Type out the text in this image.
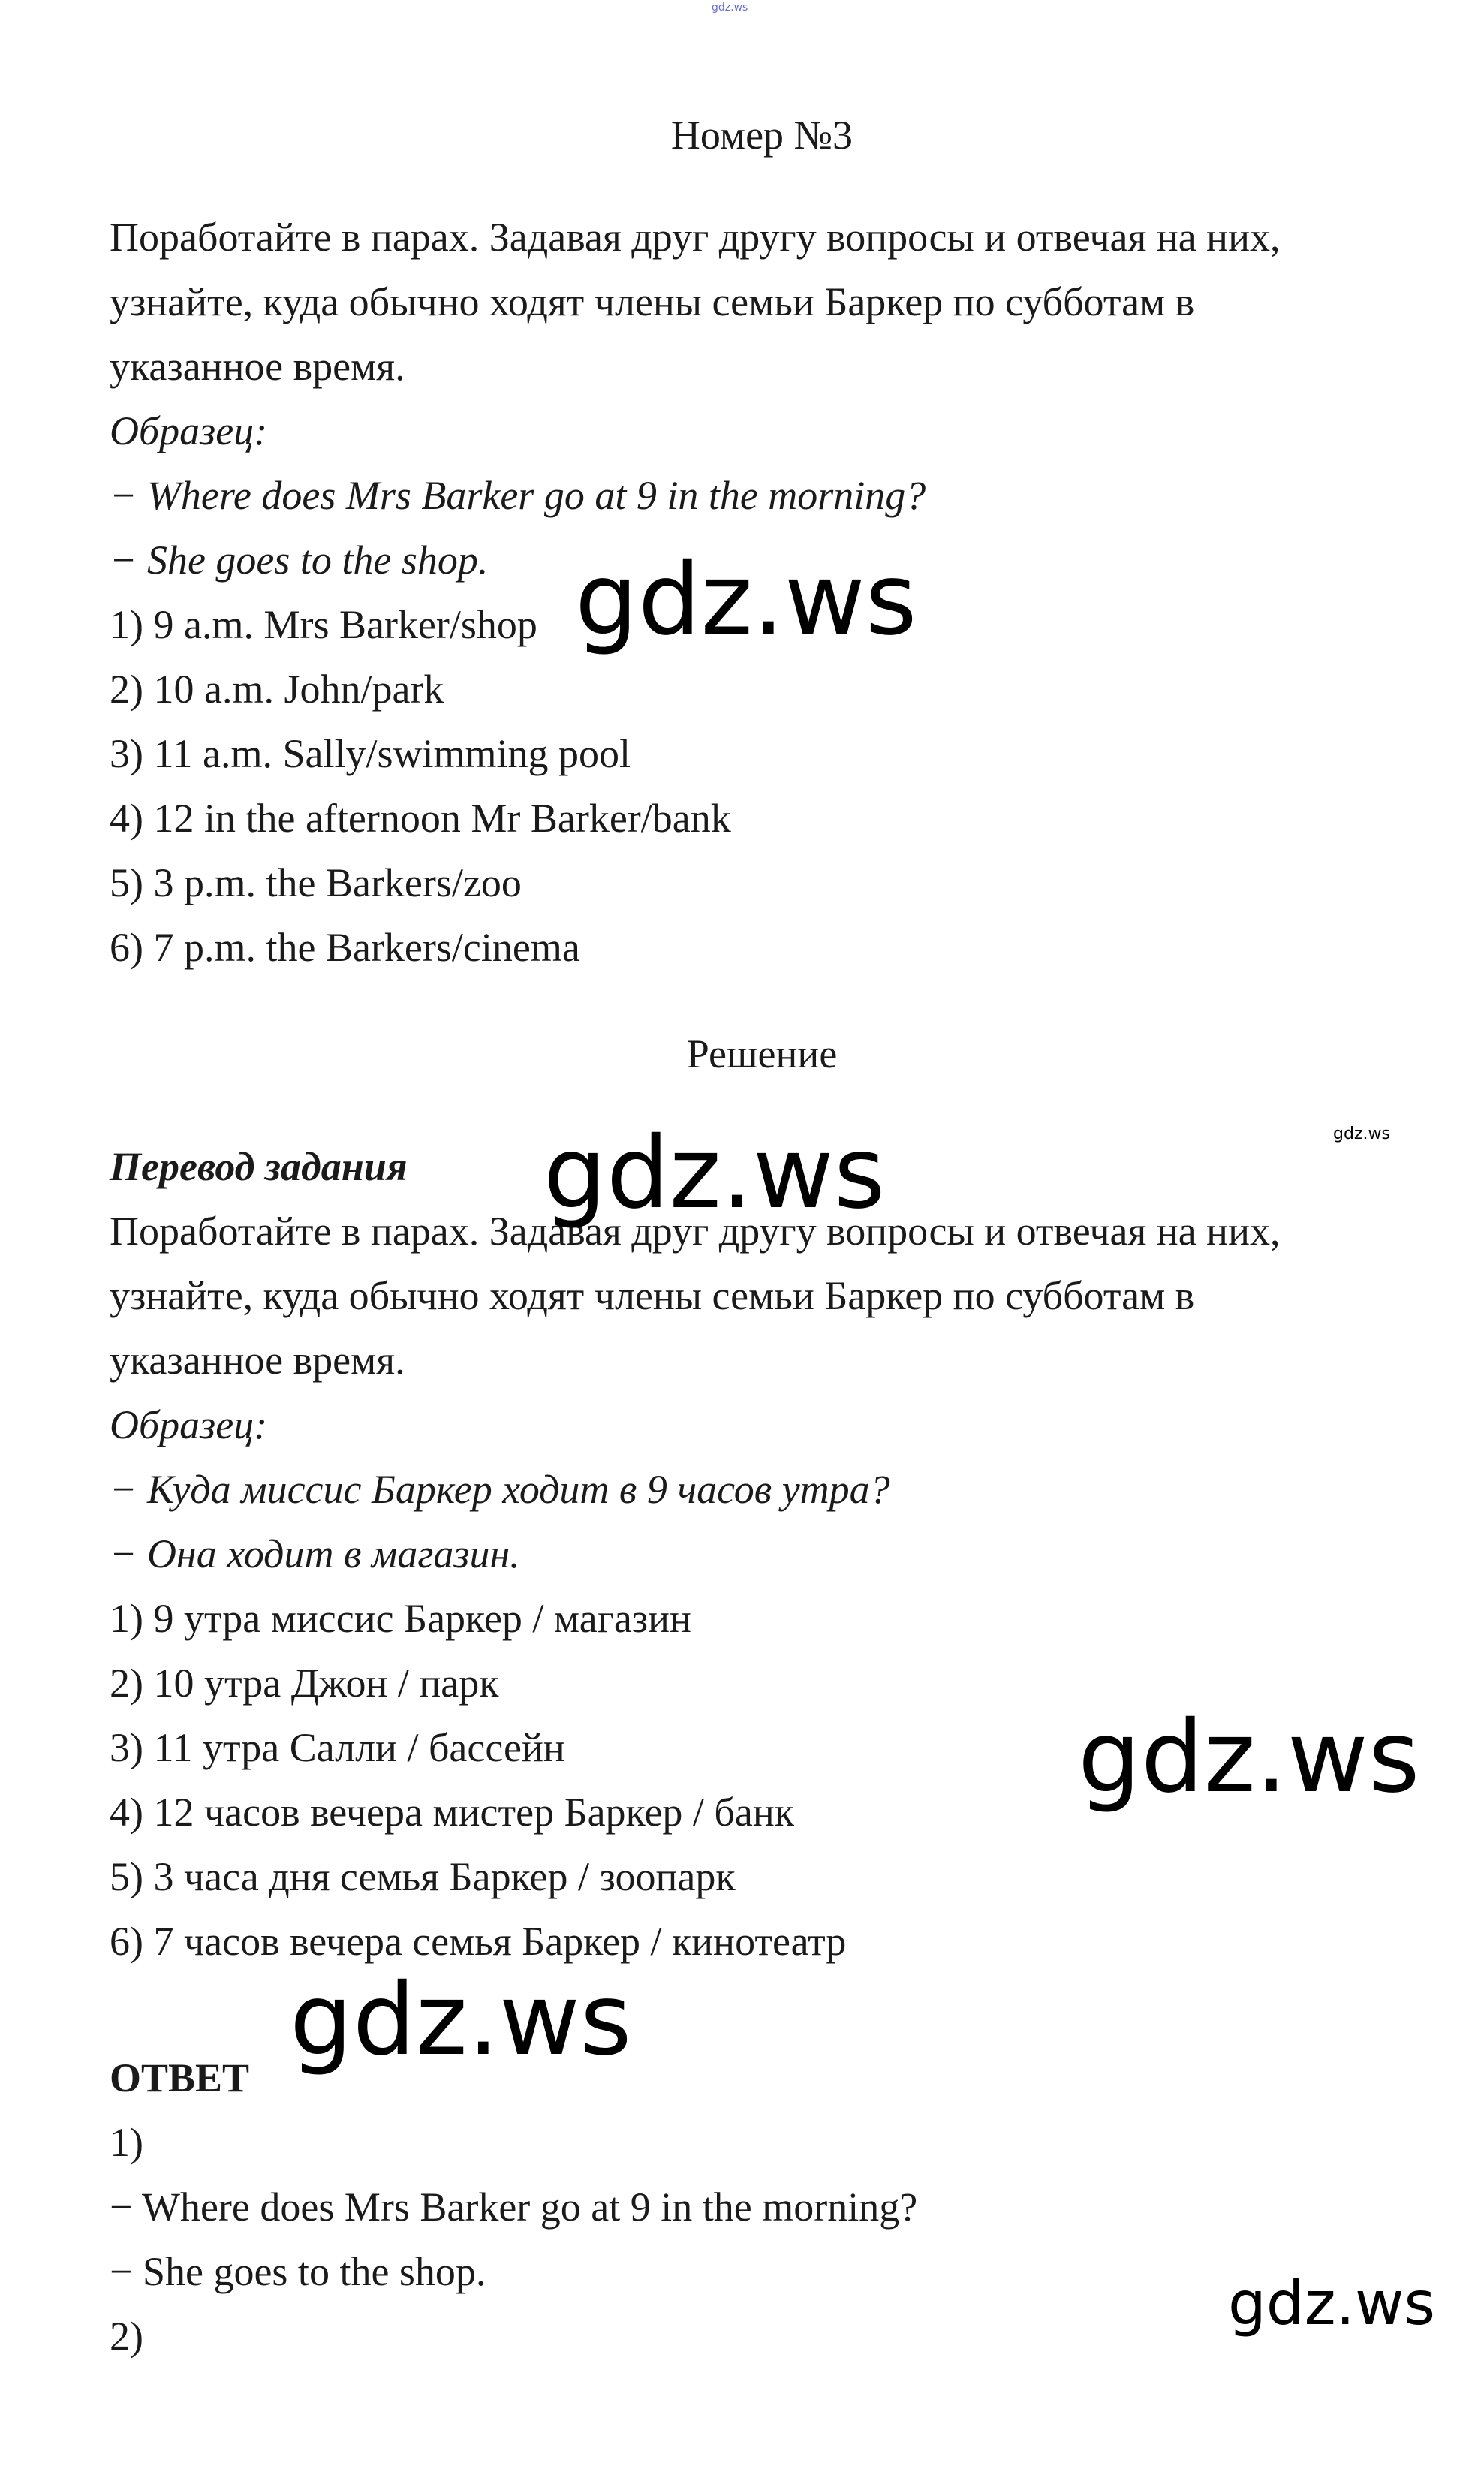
gdz.ws
Номер №3
Поработайте в парах. Задавая друг другу вопросы и отвечая на них,
узнайте, куда обычно ходят члены семьи Баркер по субботам в
указанное время.
Образец:
− Where does Mrs Barker go at 9 in the morning?
− She goes to the shop.
1) 9 a.m. Mrs Barker/shop
2) 10 a.m. John/park
3) 11 a.m. Sally/swimming pool
4) 12 in the afternoon Mr Barker/bank
5) 3 p.m. the Barkers/zoo
6) 7 p.m. the Barkers/cinema
Решение
Перевод задания
Поработайте в парах. Задавая друг другу вопросы и отвечая на них,
узнайте, куда обычно ходят члены семьи Баркер по субботам в
указанное время.
Образец:
− Куда миссис Баркер ходит в 9 часов утра?
− Она ходит в магазин.
1) 9 утра миссис Баркер / магазин
2) 10 утра Джон / парк
3) 11 утра Салли / бассейн
4) 12 часов вечера мистер Баркер / банк
5) 3 часа дня семья Баркер / зоопарк
6) 7 часов вечера семья Баркер / кинотеатр
ОТВЕТ
1)
− Where does Mrs Barker go at 9 in the morning?
− She goes to the shop.
2)
gdz.ws
gdz.ws
gdz.ws
gdz.ws
gdz.ws
gdz.ws
